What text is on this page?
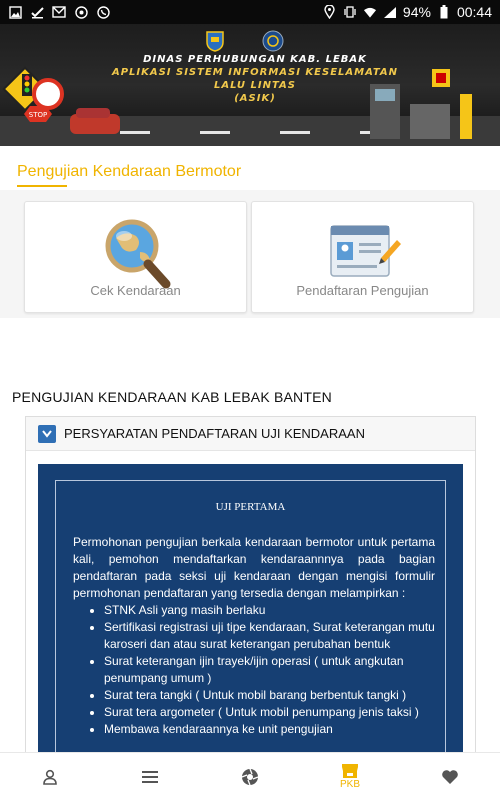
94% 00:44
STOP
DINAS PERHUBUNGAN KAB. LEBAK
APLIKASI SISTEM INFORMASI KESELAMATAN
LALU LINTAS
(ASIK)
Pengujian Kendaraan Bermotor
Cek Kendaraan	Pendaftaran Pengujian
PENGUJIAN KENDARAAN KAB LEBAK BANTEN
PERSYARATAN PENDAFTARAN UJI KENDARAAN
UJI PERTAMA
Permohonan pengujian berkala kendaraan bermotor untuk pertama kali, pemohon mendaftarkan kendaraannnya pada bagian pendaftaran pada seksi uji kendaraan dengan mengisi formulir permohonan pendaftaran yang tersedia dengan melampirkan :
• STNK Asli yang masih berlaku
• Sertifikasi registrasi uji tipe kendaraan, Surat keterangan mutu karoseri dan atau surat keterangan perubahan bentuk
• Surat keterangan ijin trayek/ijin operasi ( untuk angkutan penumpang umum )
• Surat tera tangki ( Untuk mobil barang berbentuk tangki )
• Surat tera argometer ( Untuk mobil penumpang jenis taksi )
• Membawa kendaraannya ke unit pengujian
PKB
